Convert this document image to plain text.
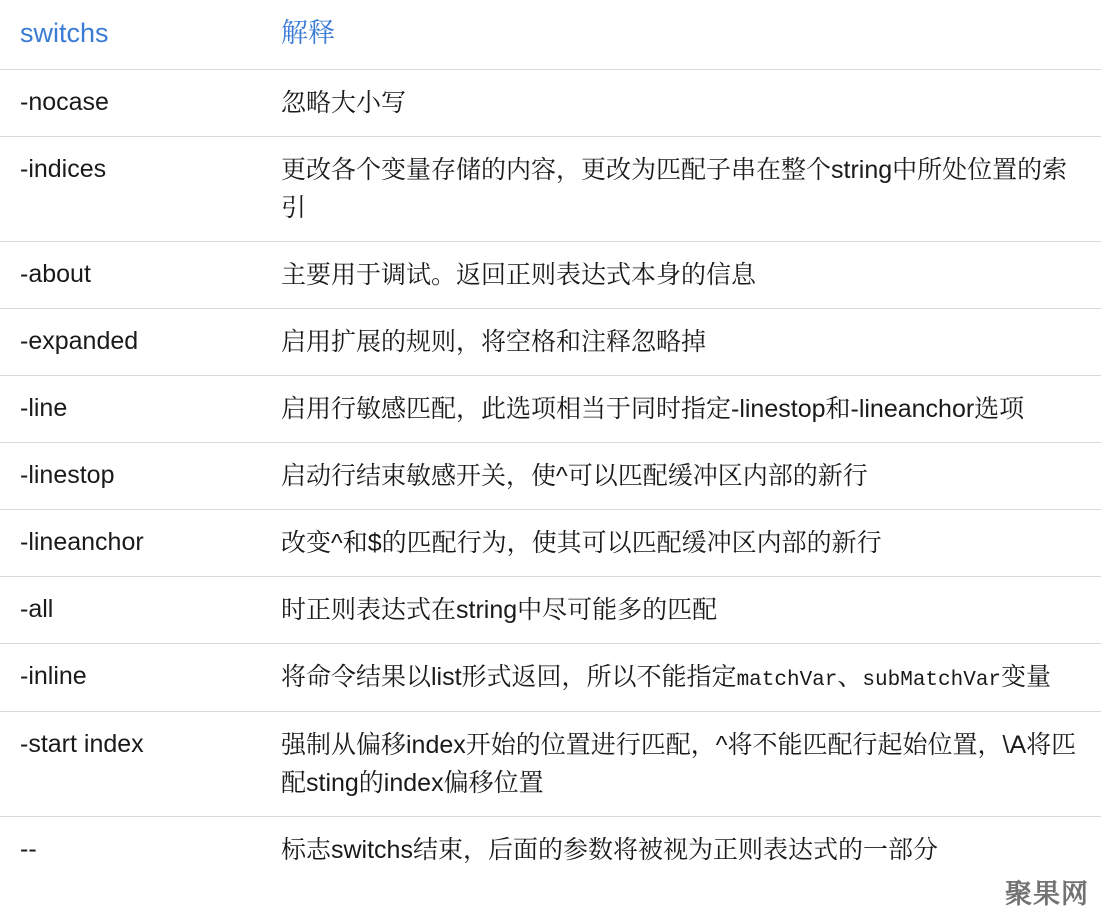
switchs	解释
-nocase	忽略大小写
-indices	更改各个变量存储的内容，更改为匹配子串在整个string中所处位置的索引
-about	主要用于调试。返回正则表达式本身的信息
-expanded	启用扩展的规则，将空格和注释忽略掉
-line	启用行敏感匹配，此选项相当于同时指定-linestop和-lineanchor选项
-linestop	启动行结束敏感开关，使^可以匹配缓冲区内部的新行
-lineanchor	改变^和$的匹配行为，使其可以匹配缓冲区内部的新行
-all	时正则表达式在string中尽可能多的匹配
-inline	将命令结果以list形式返回，所以不能指定matchVar、subMatchVar变量
-start index	强制从偏移index开始的位置进行匹配，^将不能匹配行起始位置，\A将匹配sting的index偏移位置
--	标志switchs结束，后面的参数将被视为正则表达式的一部分
聚果网
